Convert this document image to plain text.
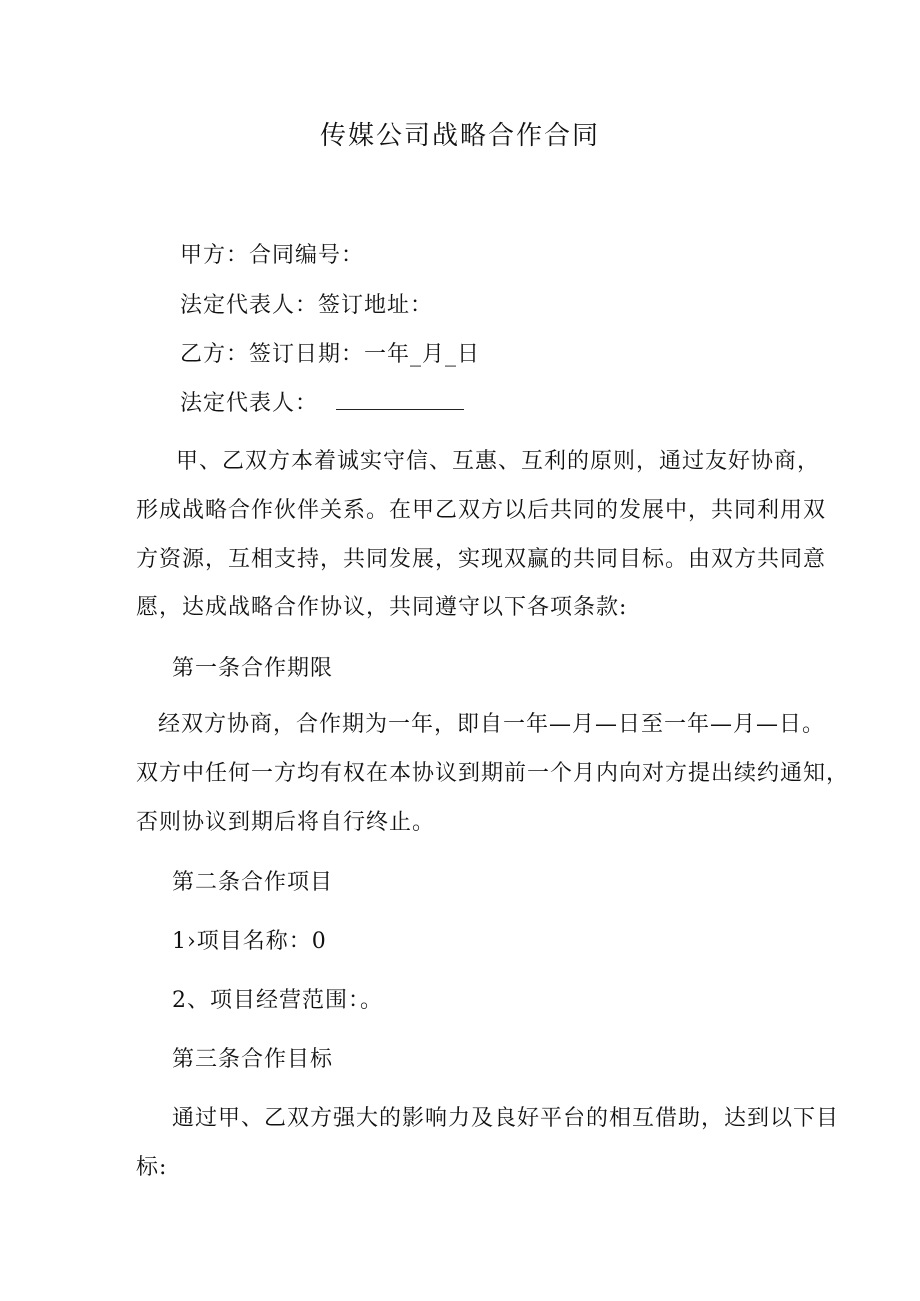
传媒公司战略合作合同
甲方：合同编号：
法定代表人：签订地址：
乙方：签订日期：一年_月_日
法定代表人：
甲、乙双方本着诚实守信、互惠、互利的原则，通过友好协商，
形成战略合作伙伴关系。在甲乙双方以后共同的发展中，共同利用双
方资源，互相支持，共同发展，实现双赢的共同目标。由双方共同意
愿，达成战略合作协议，共同遵守以下各项条款:
第一条合作期限
经双方协商，合作期为一年，即自一年—月—日至一年—月—日。
双方中任何一方均有权在本协议到期前一个月内向对方提出续约通知，
否则协议到期后将自行终止。
第二条合作项目
1›项目名称：0
2、项目经营范围：。
第三条合作目标
通过甲、乙双方强大的影响力及良好平台的相互借助，达到以下目
标:
